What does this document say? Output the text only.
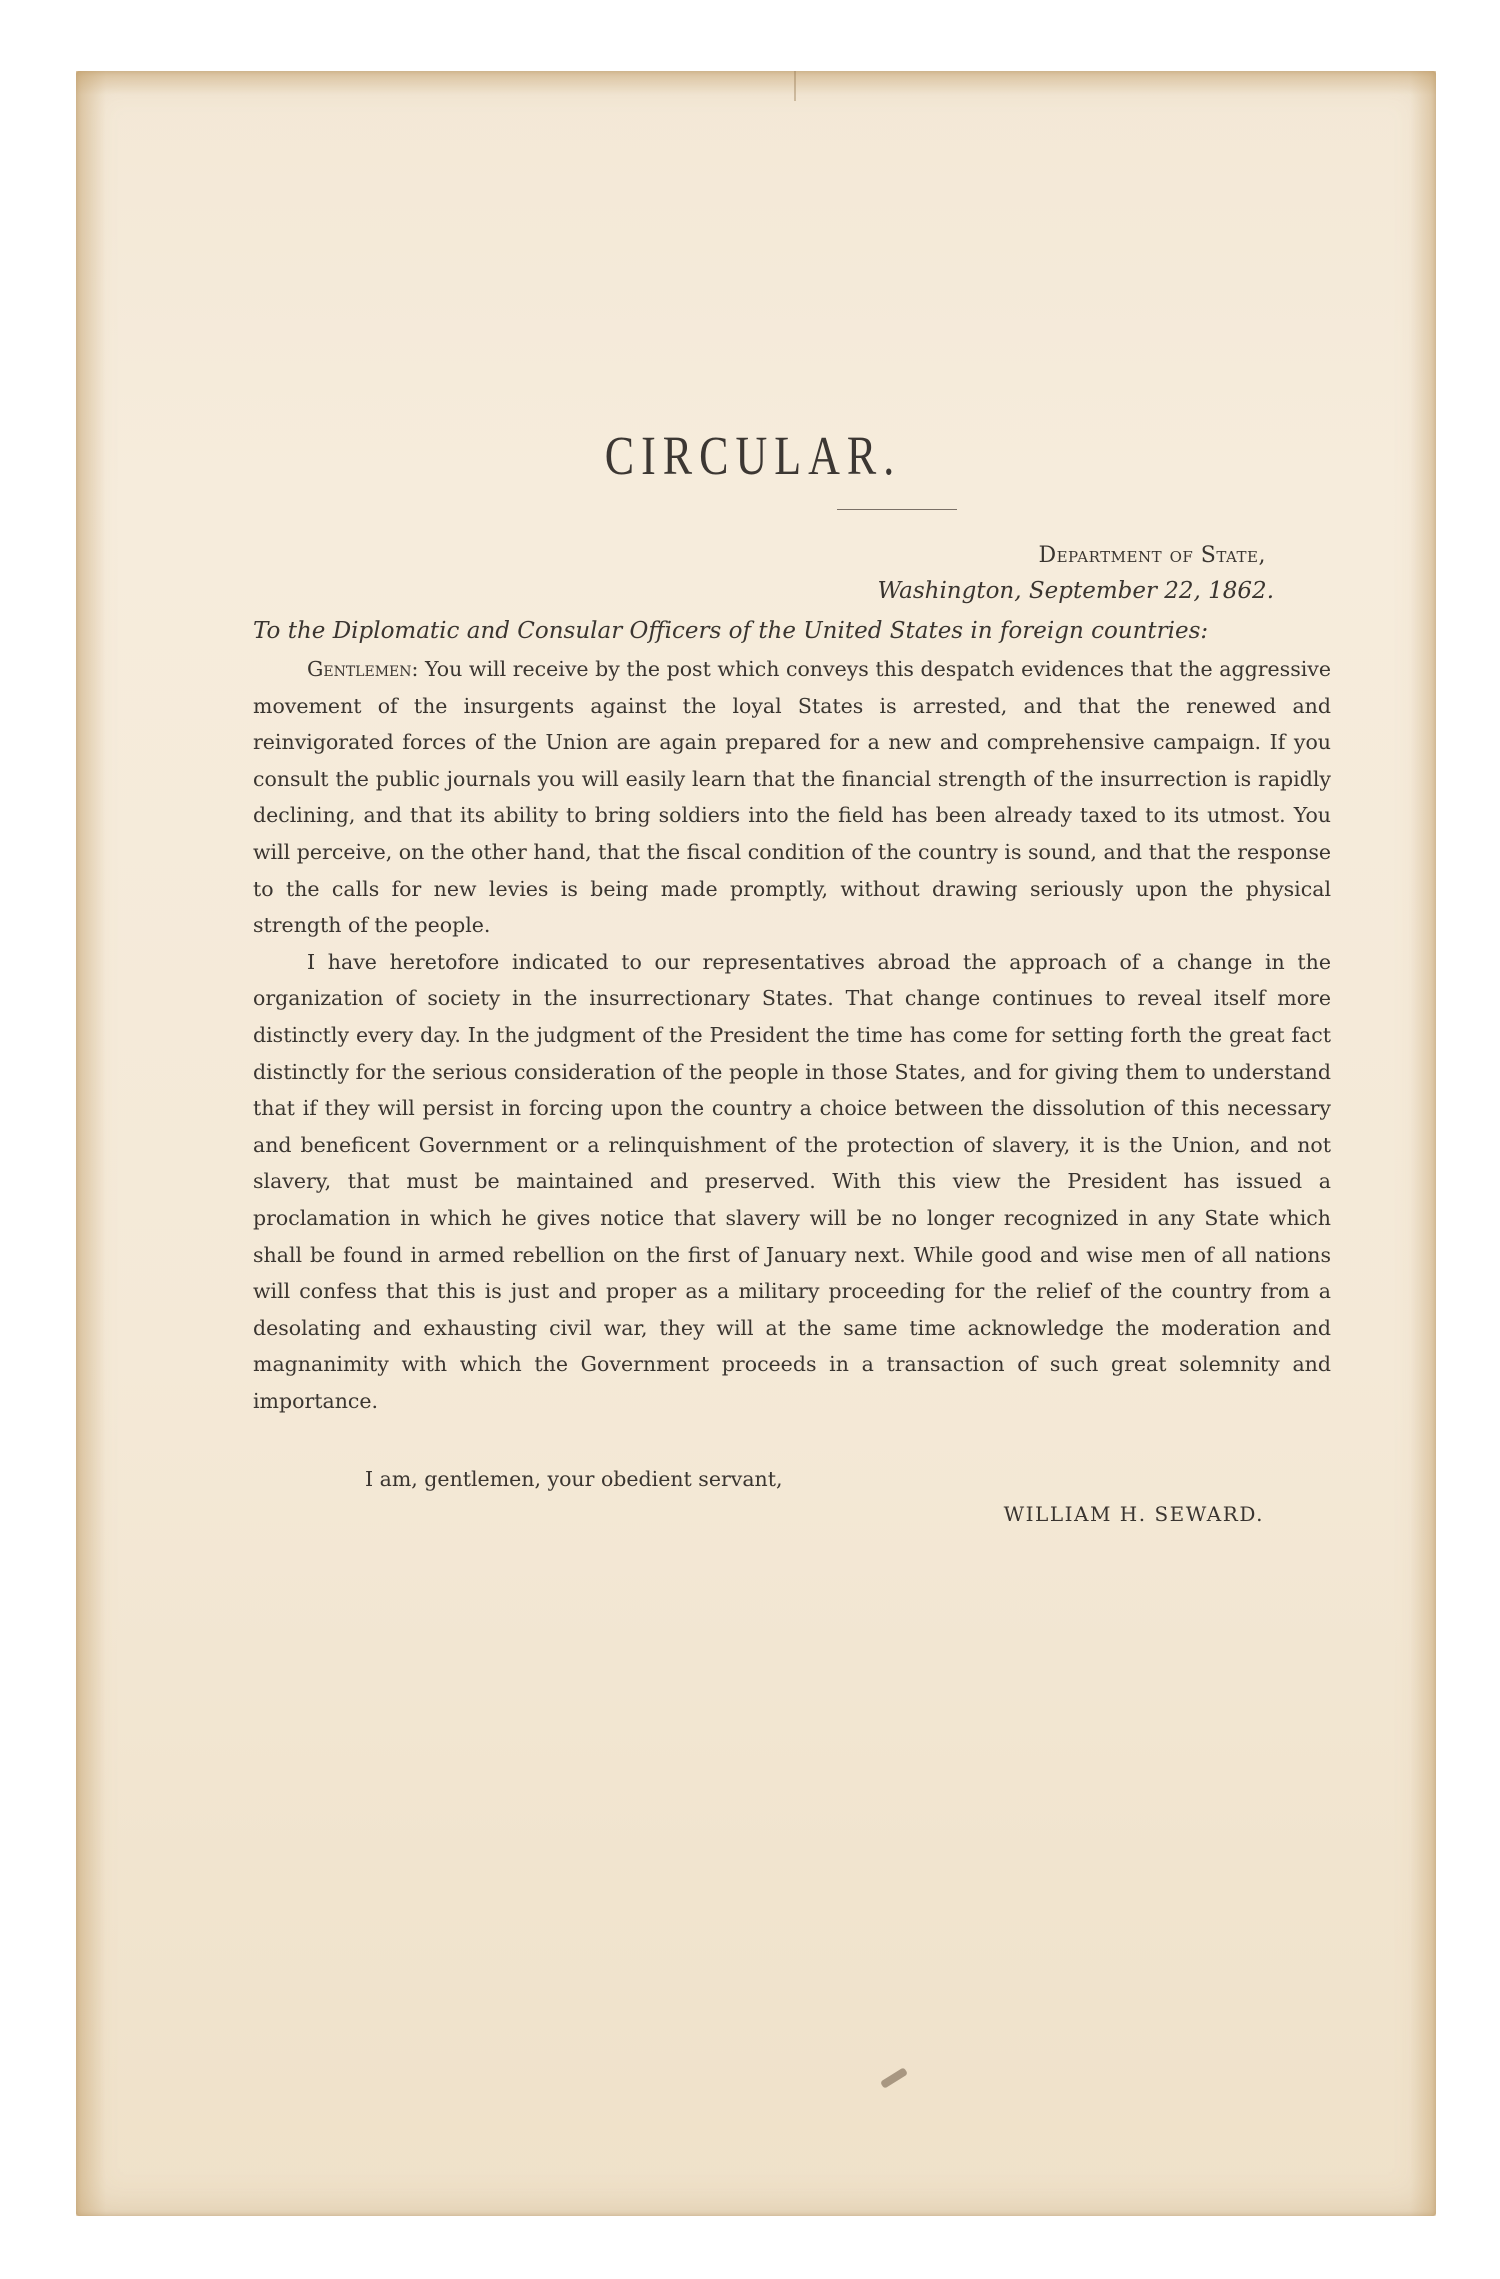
CIRCULAR.
Department of State,
Washington, September 22, 1862.
To the Diplomatic and Consular Officers of the United States in foreign countries:

Gentlemen: You will receive by the post which conveys this despatch evidences that the aggressive movement of the insurgents against the loyal States is arrested, and that the renewed and reinvigorated forces of the Union are again prepared for a new and comprehensive campaign. If you consult the public journals you will easily learn that the financial strength of the insurrection is rapidly declining, and that its ability to bring soldiers into the field has been already taxed to its utmost. You will perceive, on the other hand, that the fiscal condition of the country is sound, and that the response to the calls for new levies is being made promptly, without drawing seriously upon the physical strength of the people.

I have heretofore indicated to our representatives abroad the approach of a change in the organization of society in the insurrectionary States. That change continues to reveal itself more distinctly every day. In the judgment of the President the time has come for setting forth the great fact distinctly for the serious consideration of the people in those States, and for giving them to understand that if they will persist in forcing upon the country a choice between the dissolution of this necessary and beneficent Government or a relinquishment of the protection of slavery, it is the Union, and not slavery, that must be maintained and preserved. With this view the President has issued a proclamation in which he gives notice that slavery will be no longer recognized in any State which shall be found in armed rebellion on the first of January next. While good and wise men of all nations will confess that this is just and proper as a military proceeding for the relief of the country from a desolating and exhausting civil war, they will at the same time acknowledge the moderation and magnanimity with which the Government proceeds in a transaction of such great solemnity and importance.

I am, gentlemen, your obedient servant,
WILLIAM H. SEWARD.
